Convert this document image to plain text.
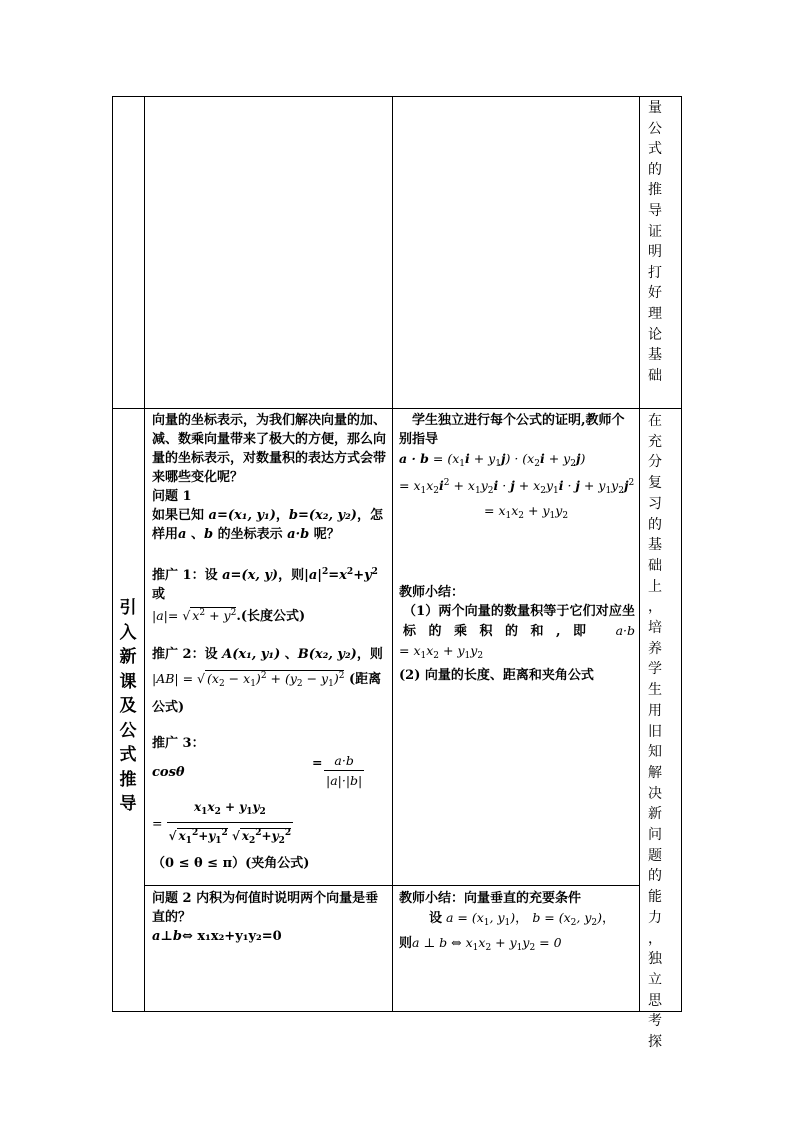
量
公
式
的
推
导
证
明
打
好
理
论
基
础
引
入
新
课
及
公
式
推
导
在
充
分
复
习
的
基
础
上
，
培
养
学
生
用
旧
知
解
决
新
问
题
的
能
力
，
独
立
思
考
探

向量的坐标表示，为我们解决向量的加、减、数乘向量带来了极大的方便，那么向量的坐标表示，对数量积的表达方式会带来哪些变化呢？

问题 1

如果已知 a=(x₁, y₁)，b=(x₂, y₂)，怎样用a 、b 的坐标表示 a·b 呢？

推广 1：设 a=(x, y)，则$|a|^2=x^2+y^2$ 或

|a|= √ $x^2 + y^2$.(长度公式)

推广 2：设 A(x₁, y₁) 、B(x₂, y₂)，则

|AB| = √ $(x_2 - x_1)^2 + (y_2 - y_1)^2$ (距离公式)

推广 3：

cosθ
= $\frac{a\cdot b}{|a|\cdot|b|}$

= $\frac{x_1x_2 + y_1y_2}{√ x_1^2+y_1^2 √ x_2^2+y_2^2}$

（0 ≤ θ ≤ π）(夹角公式)

问题 2 内积为何值时说明两个向量是垂直的？

a⊥b⇔ x₁x₂+y₁y₂=0

学生独立进行每个公式的证明,教师个别指导

$a \cdot b = (x_1i + y_1j) \cdot (x_2i + y_2j)$

= $x_1x_2i^2 + x_1y_2i \cdot j + x_2y_1i \cdot j + y_1y_2j^2$

= $x_1x_2 + y_1y_2$

教师小结：

（1）两个向量的数量积等于它们对应坐标的乘积的和,即 a·b

= $x_1x_2 + y_1y_2$

(2) 向量的长度、距离和夹角公式

教师小结：向量垂直的充要条件

设 $a = (x_1$, $y_1$)， $b = (x_2$, $y_2$)，

则a ⊥ b ⇔ $x_1x_2 + y_1y_2 = 0$
